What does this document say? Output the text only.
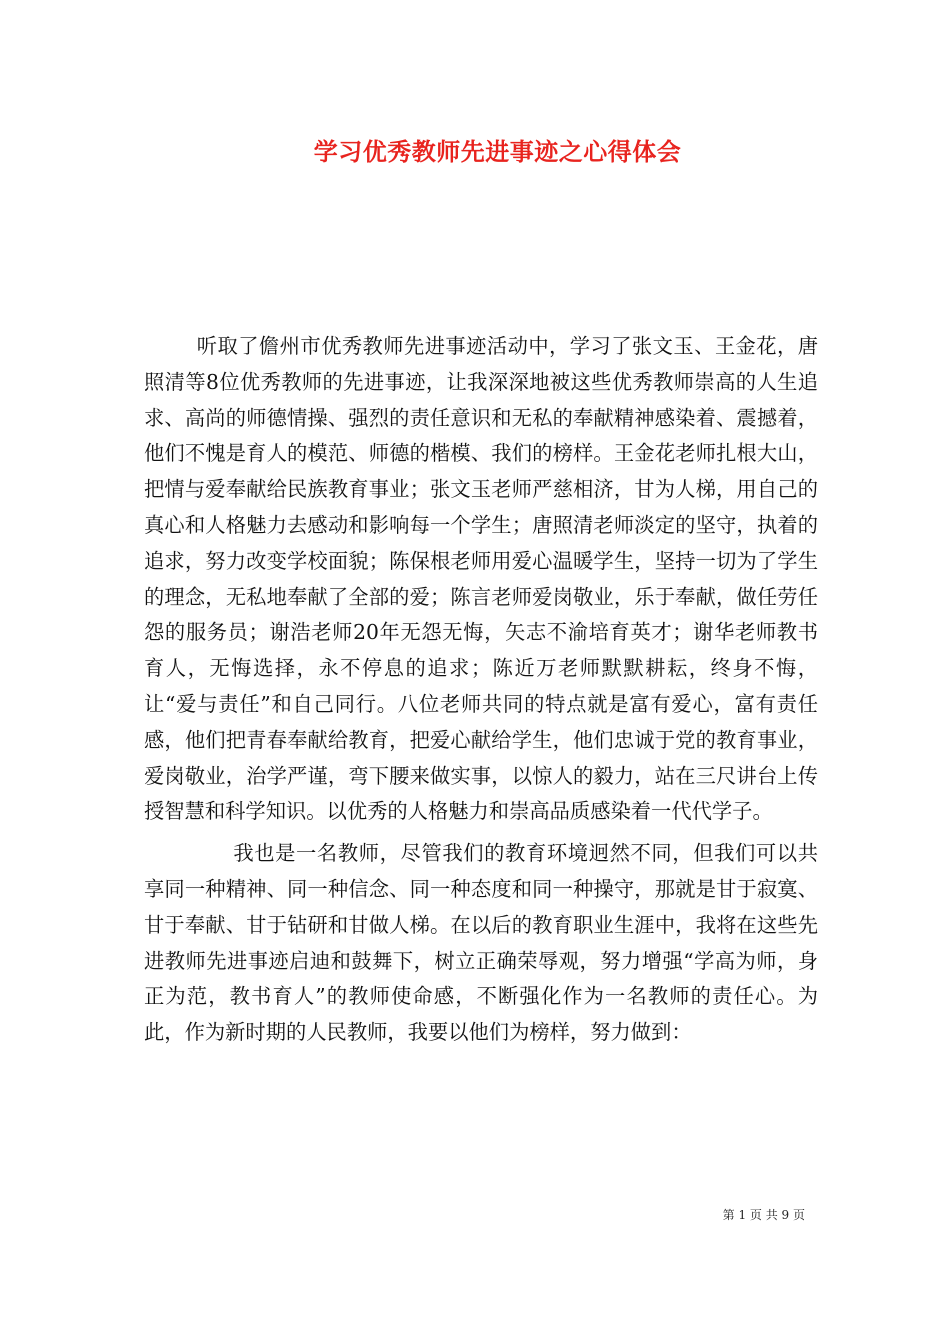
学习优秀教师先进事迹之心得体会

听取了儋州市优秀教师先进事迹活动中，学习了张文玉、王金花，唐照清等8位优秀教师的先进事迹，让我深深地被这些优秀教师崇高的人生追求、高尚的师德情操、强烈的责任意识和无私的奉献精神感染着、震撼着，他们不愧是育人的模范、师德的楷模、我们的榜样。王金花老师扎根大山，把情与爱奉献给民族教育事业；张文玉老师严慈相济，甘为人梯，用自己的真心和人格魅力去感动和影响每一个学生；唐照清老师淡定的坚守，执着的追求，努力改变学校面貌；陈保根老师用爱心温暖学生，坚持一切为了学生的理念，无私地奉献了全部的爱；陈言老师爱岗敬业，乐于奉献，做任劳任怨的服务员；谢浩老师20年无怨无悔，矢志不渝培育英才；谢华老师教书育人，无悔选择，永不停息的追求；陈近万老师默默耕耘，终身不悔，让“爱与责任”和自己同行。八位老师共同的特点就是富有爱心，富有责任感，他们把青春奉献给教育，把爱心献给学生，他们忠诚于党的教育事业，爱岗敬业，治学严谨，弯下腰来做实事，以惊人的毅力，站在三尺讲台上传授智慧和科学知识。以优秀的人格魅力和崇高品质感染着一代代学子。

我也是一名教师，尽管我们的教育环境迥然不同，但我们可以共享同一种精神、同一种信念、同一种态度和同一种操守，那就是甘于寂寞、甘于奉献、甘于钻研和甘做人梯。在以后的教育职业生涯中，我将在这些先进教师先进事迹启迪和鼓舞下，树立正确荣辱观，努力增强“学高为师，身正为范，教书育人”的教师使命感，不断强化作为一名教师的责任心。为此，作为新时期的人民教师，我要以他们为榜样，努力做到：

第 1 页 共 9 页
